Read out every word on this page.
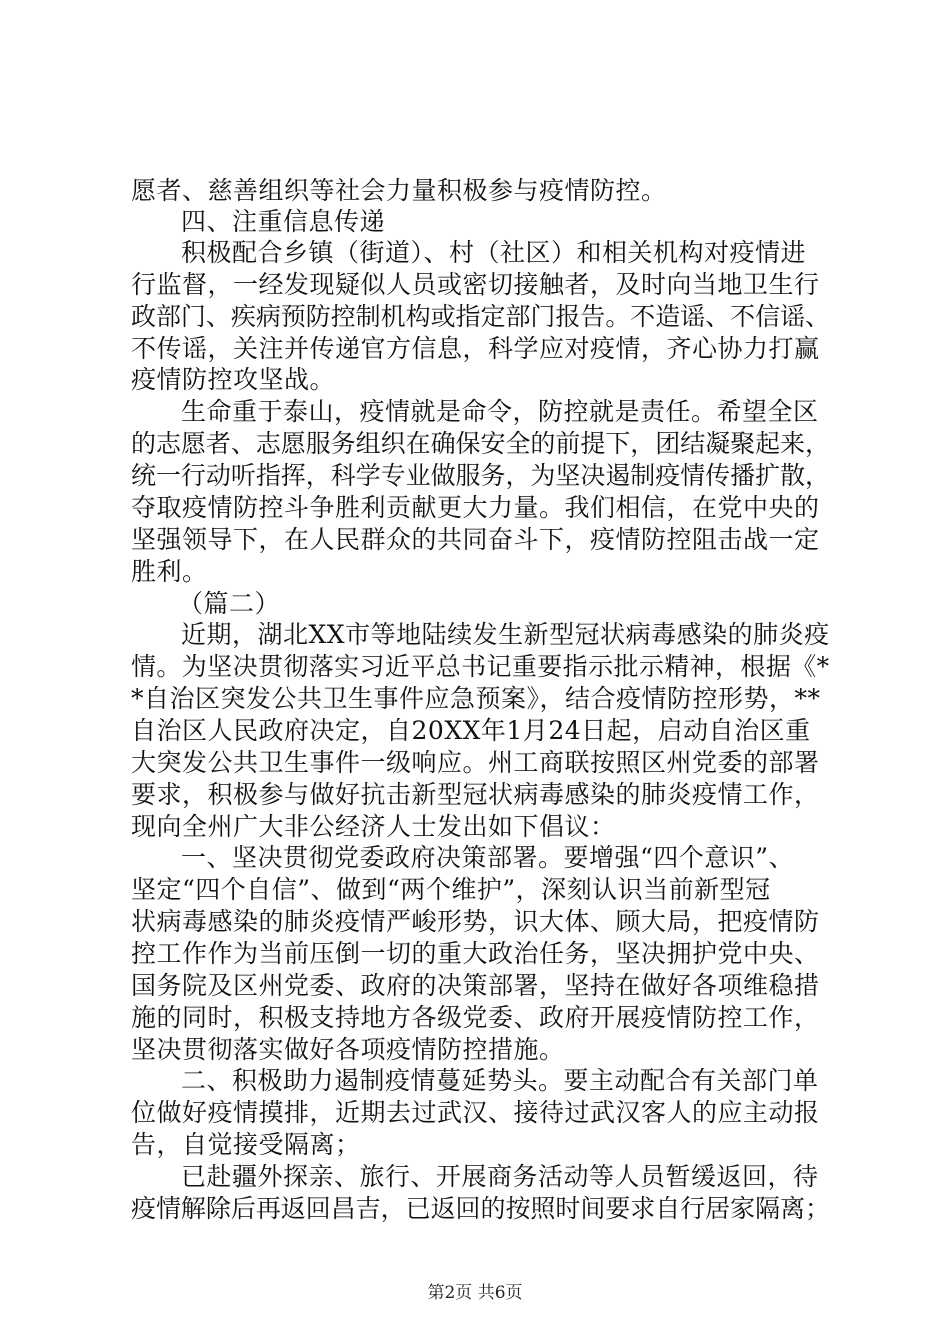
愿者、慈善组织等社会力量积极参与疫情防控。
四、注重信息传递
积极配合乡镇（街道）、村（社区）和相关机构对疫情进
行监督，一经发现疑似人员或密切接触者，及时向当地卫生行
政部门、疾病预防控制机构或指定部门报告。不造谣、不信谣、
不传谣，关注并传递官方信息，科学应对疫情，齐心协力打赢
疫情防控攻坚战。
生命重于泰山，疫情就是命令，防控就是责任。希望全区
的志愿者、志愿服务组织在确保安全的前提下，团结凝聚起来，
统一行动听指挥，科学专业做服务，为坚决遏制疫情传播扩散，
夺取疫情防控斗争胜利贡献更大力量。我们相信，在党中央的
坚强领导下，在人民群众的共同奋斗下，疫情防控阻击战一定
胜利。
（篇二）
近期，湖北XX市等地陆续发生新型冠状病毒感染的肺炎疫
情。为坚决贯彻落实习近平总书记重要指示批示精神，根据《*
*自治区突发公共卫生事件应急预案》，结合疫情防控形势，**
自治区人民政府决定，自20XX年1月24日起，启动自治区重
大突发公共卫生事件一级响应。州工商联按照区州党委的部署
要求，积极参与做好抗击新型冠状病毒感染的肺炎疫情工作，
现向全州广大非公经济人士发出如下倡议：
一、坚决贯彻党委政府决策部署。要增强“四个意识”、
坚定“四个自信”、做到“两个维护”，深刻认识当前新型冠
状病毒感染的肺炎疫情严峻形势，识大体、顾大局，把疫情防
控工作作为当前压倒一切的重大政治任务，坚决拥护党中央、
国务院及区州党委、政府的决策部署，坚持在做好各项维稳措
施的同时，积极支持地方各级党委、政府开展疫情防控工作，
坚决贯彻落实做好各项疫情防控措施。
二、积极助力遏制疫情蔓延势头。要主动配合有关部门单
位做好疫情摸排，近期去过武汉、接待过武汉客人的应主动报
告，自觉接受隔离；
已赴疆外探亲、旅行、开展商务活动等人员暂缓返回，待
疫情解除后再返回昌吉，已返回的按照时间要求自行居家隔离；
第2页 共6页
